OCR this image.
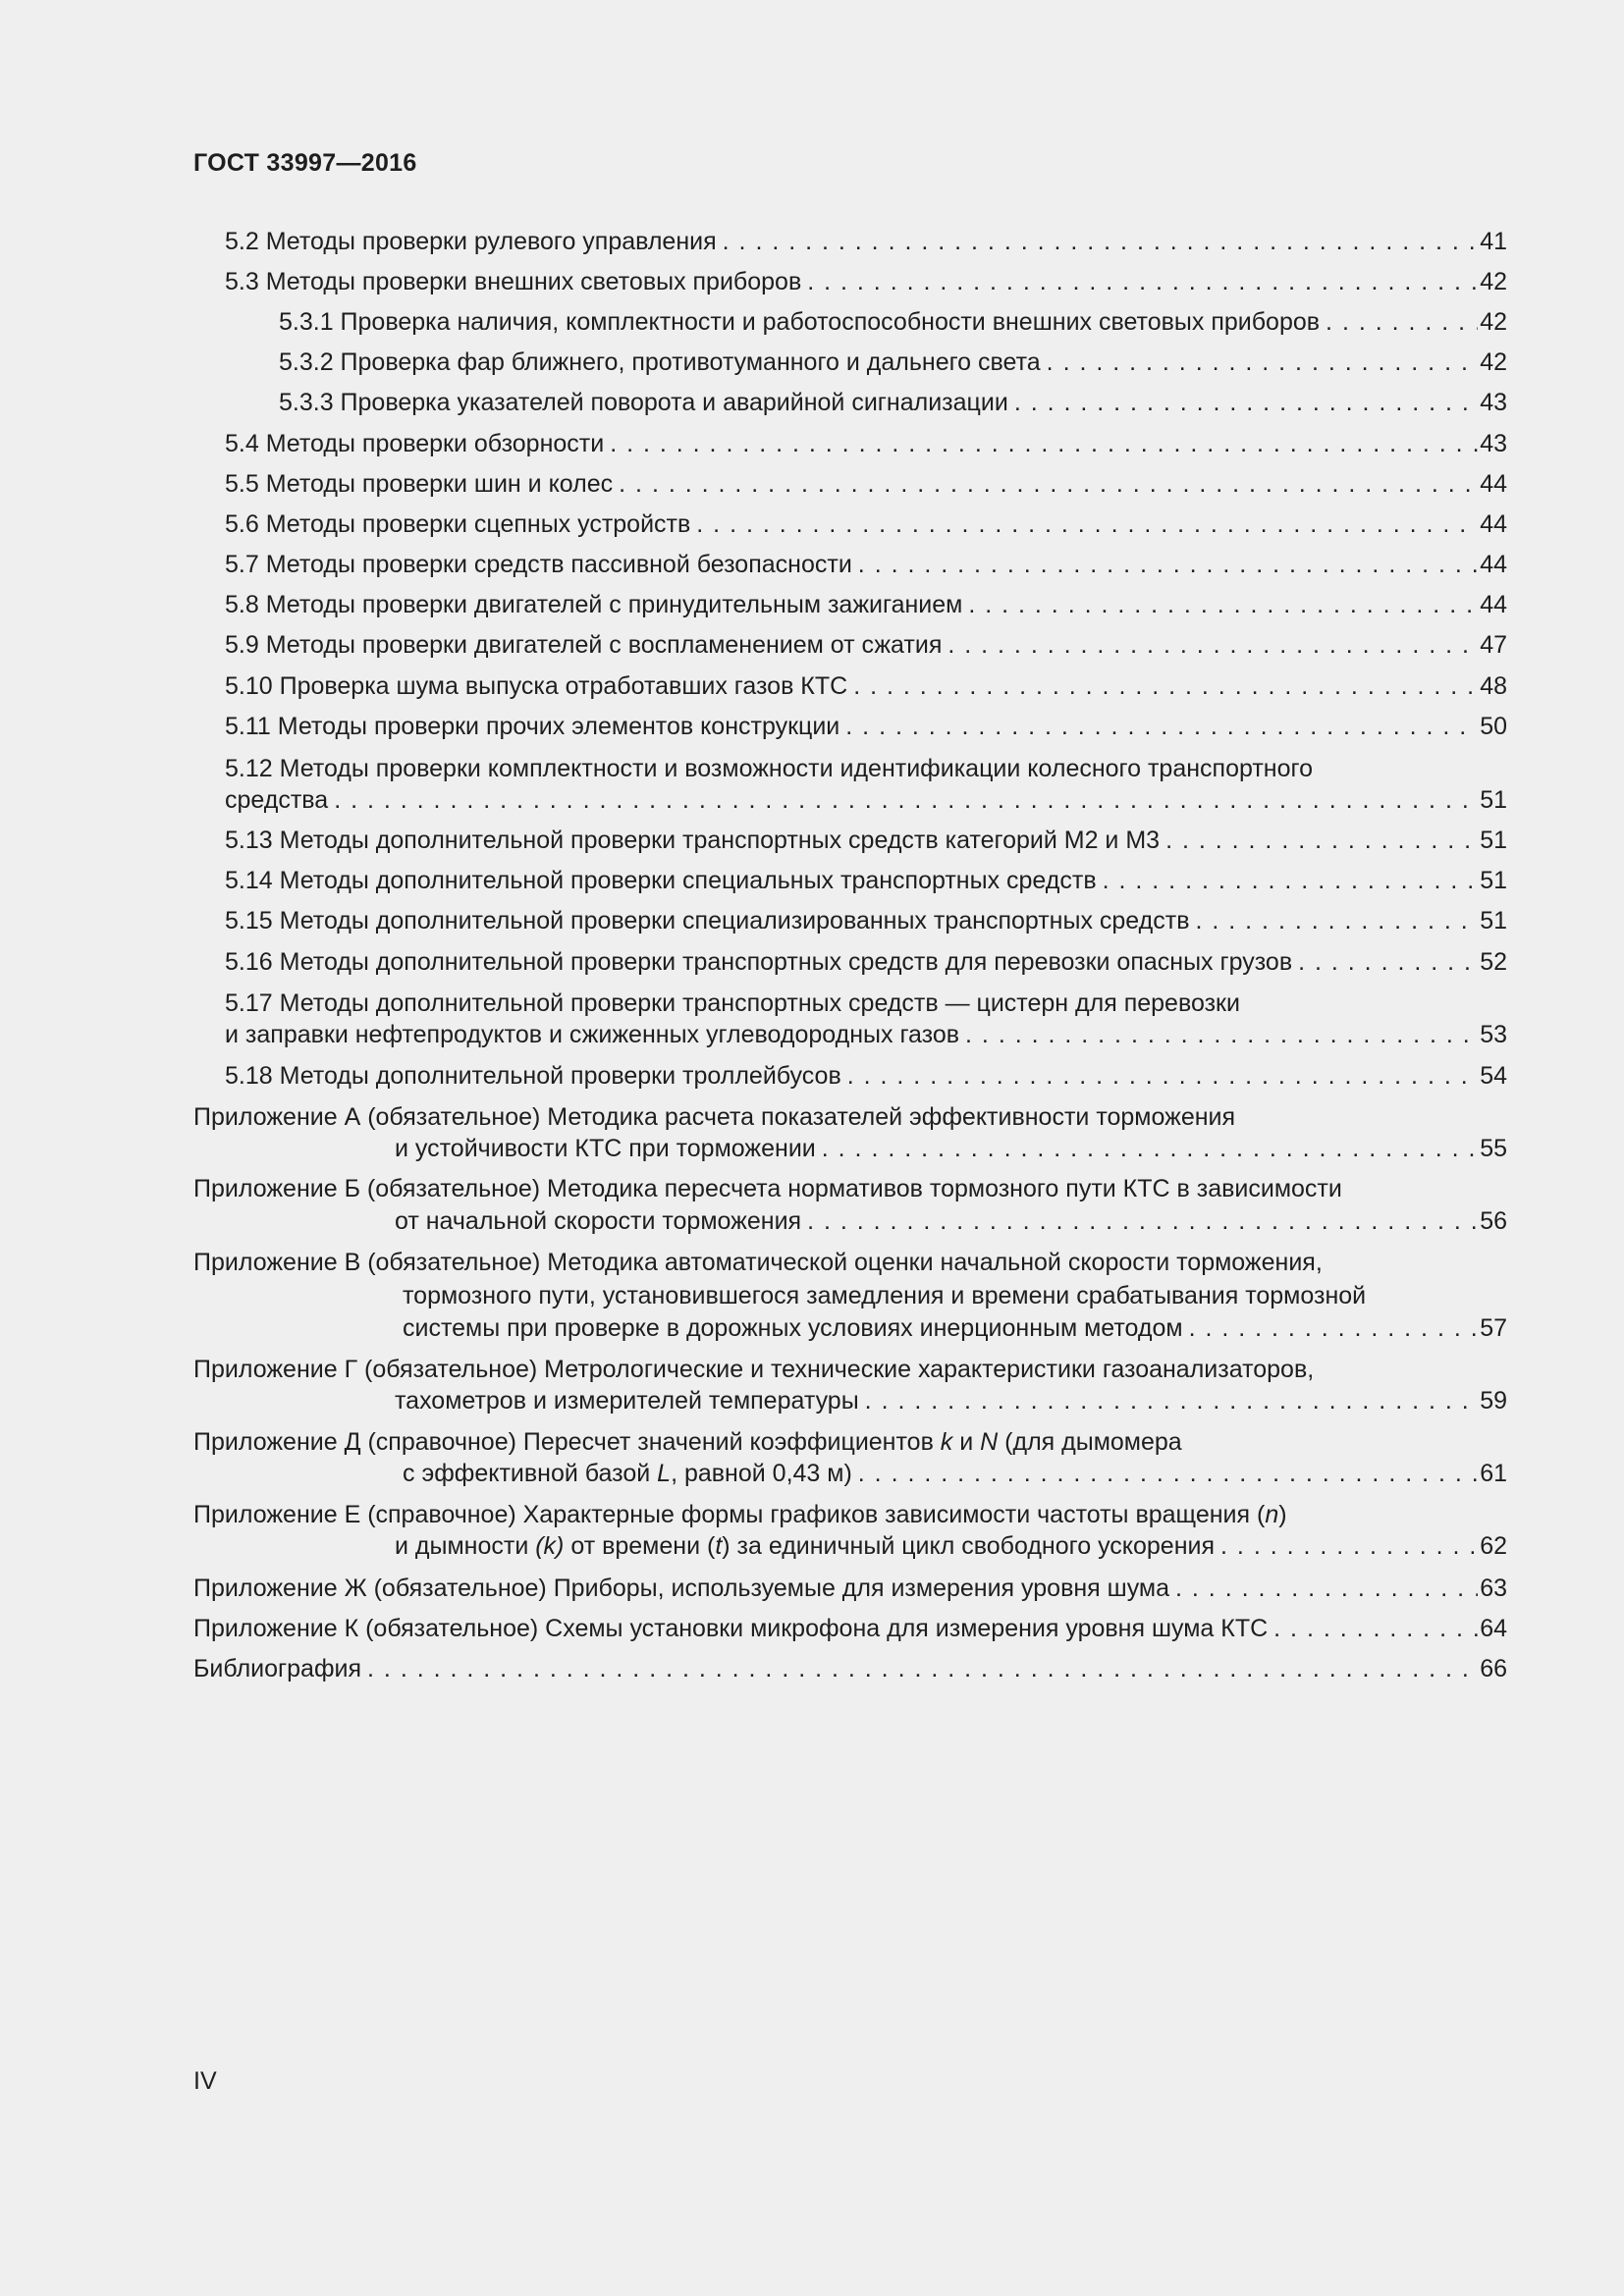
ГОСТ 33997—2016
5.2 Методы проверки рулевого управления . . .	41
5.3 Методы проверки внешних световых приборов . . .	42
5.3.1 Проверка наличия, комплектности и работоспособности внешних световых приборов . . .	42
5.3.2 Проверка фар ближнего, противотуманного и дальнего света . . .	42
5.3.3 Проверка указателей поворота и аварийной сигнализации . . .	43
5.4 Методы проверки обзорности . . .	43
5.5 Методы проверки шин и колес . . .	44
5.6 Методы проверки сцепных устройств . . .	44
5.7 Методы проверки средств пассивной безопасности . . .	44
5.8 Методы проверки двигателей с принудительным зажиганием . . .	44
5.9 Методы проверки двигателей с воспламенением от сжатия . . .	47
5.10 Проверка шума выпуска отработавших газов КТС . . .	48
5.11 Методы проверки прочих элементов конструкции . . .	50
5.12 Методы проверки комплектности и возможности идентификации колесного транспортного
средства . . .	51
5.13 Методы дополнительной проверки транспортных средств категорий М2 и М3 . . .	51
5.14 Методы дополнительной проверки специальных транспортных средств . . .	51
5.15 Методы дополнительной проверки специализированных транспортных средств . . .	51
5.16 Методы дополнительной проверки транспортных средств для перевозки опасных грузов . . .	52
5.17 Методы дополнительной проверки транспортных средств — цистерн для перевозки
и заправки нефтепродуктов и сжиженных углеводородных газов . . .	53
5.18 Методы дополнительной проверки троллейбусов . . .	54
Приложение А (обязательное) Методика расчета показателей эффективности торможения
и устойчивости КТС при торможении . . .	55
Приложение Б (обязательное) Методика пересчета нормативов тормозного пути КТС в зависимости
от начальной скорости торможения . . .	56
Приложение В (обязательное) Методика автоматической оценки начальной скорости торможения,
тормозного пути, установившегося замедления и времени срабатывания тормозной
системы при проверке в дорожных условиях инерционным методом . . .	57
Приложение Г (обязательное) Метрологические и технические характеристики газоанализаторов,
тахометров и измерителей температуры . . .	59
Приложение Д (справочное) Пересчет значений коэффициентов k и N (для дымомера
с эффективной базой L, равной 0,43 м) . . .	61
Приложение Е (справочное) Характерные формы графиков зависимости частоты вращения (n)
и дымности (k) от времени (t) за единичный цикл свободного ускорения . . .	62
Приложение Ж (обязательное) Приборы, используемые для измерения уровня шума . . .	63
Приложение К (обязательное) Схемы установки микрофона для измерения уровня шума КТС . . .	64
Библиография . . .	66
IV
